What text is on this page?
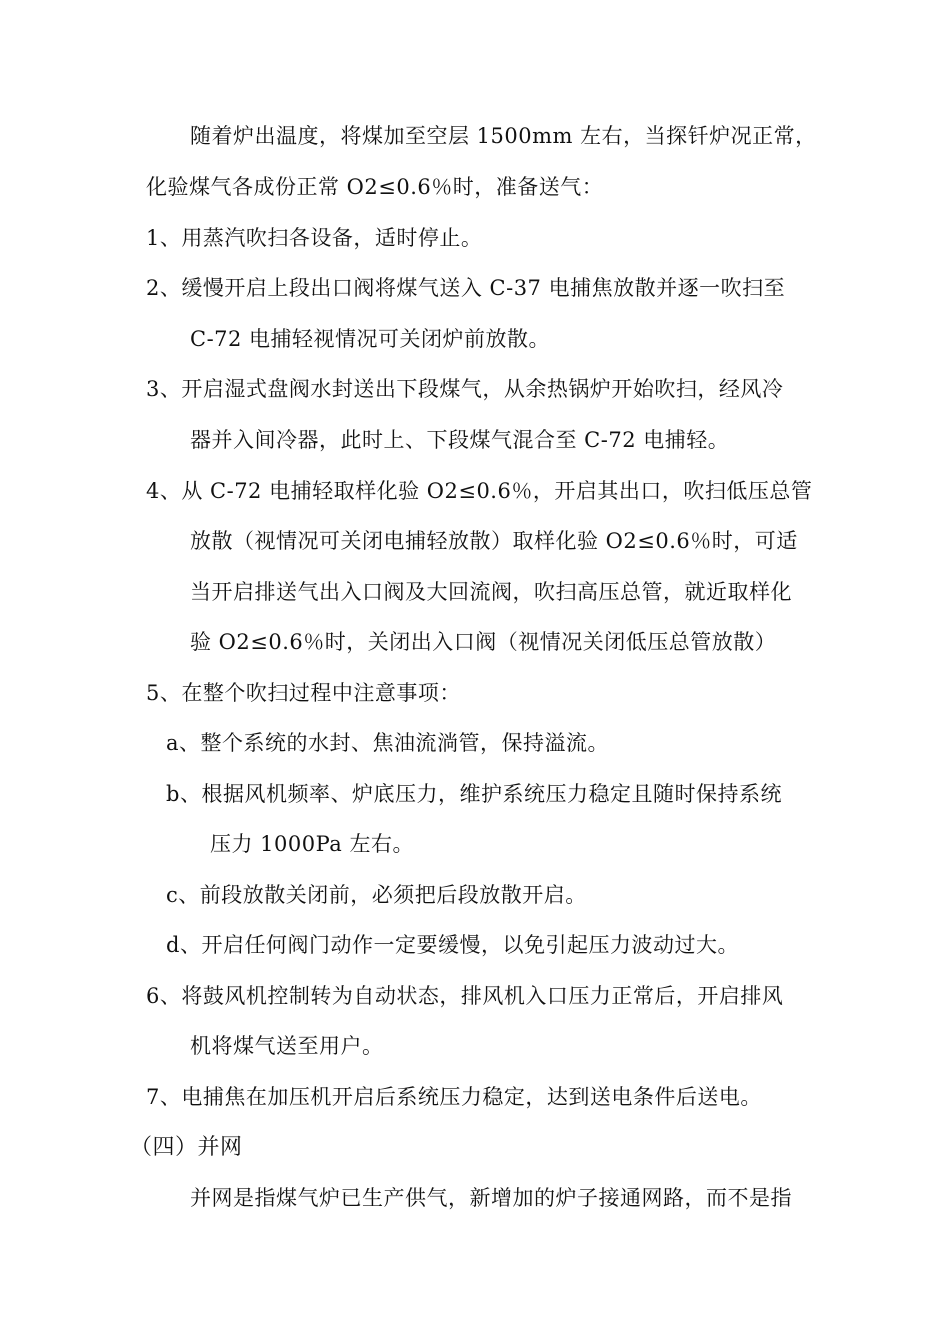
随着炉出温度，将煤加至空层 1500mm 左右，当探钎炉况正常，
化验煤气各成份正常 O2≤0.6％时，准备送气：
1、用蒸汽吹扫各设备，适时停止。
2、缓慢开启上段出口阀将煤气送入 C-37 电捕焦放散并逐一吹扫至
C-72 电捕轻视情况可关闭炉前放散。
3、开启湿式盘阀水封送出下段煤气，从余热锅炉开始吹扫，经风冷
器并入间冷器，此时上、下段煤气混合至 C-72 电捕轻。
4、从 C-72 电捕轻取样化验 O2≤0.6％，开启其出口，吹扫低压总管
放散（视情况可关闭电捕轻放散）取样化验 O2≤0.6％时，可适
当开启排送气出入口阀及大回流阀，吹扫高压总管，就近取样化
验 O2≤0.6％时，关闭出入口阀（视情况关闭低压总管放散）
5、在整个吹扫过程中注意事项：
a、整个系统的水封、焦油流淌管，保持溢流。
b、根据风机频率、炉底压力，维护系统压力稳定且随时保持系统
压力 1000Pa 左右。
c、前段放散关闭前，必须把后段放散开启。
d、开启任何阀门动作一定要缓慢，以免引起压力波动过大。
6、将鼓风机控制转为自动状态，排风机入口压力正常后，开启排风
机将煤气送至用户。
7、电捕焦在加压机开启后系统压力稳定，达到送电条件后送电。
（四）并网
并网是指煤气炉已生产供气，新增加的炉子接通网路，而不是指
